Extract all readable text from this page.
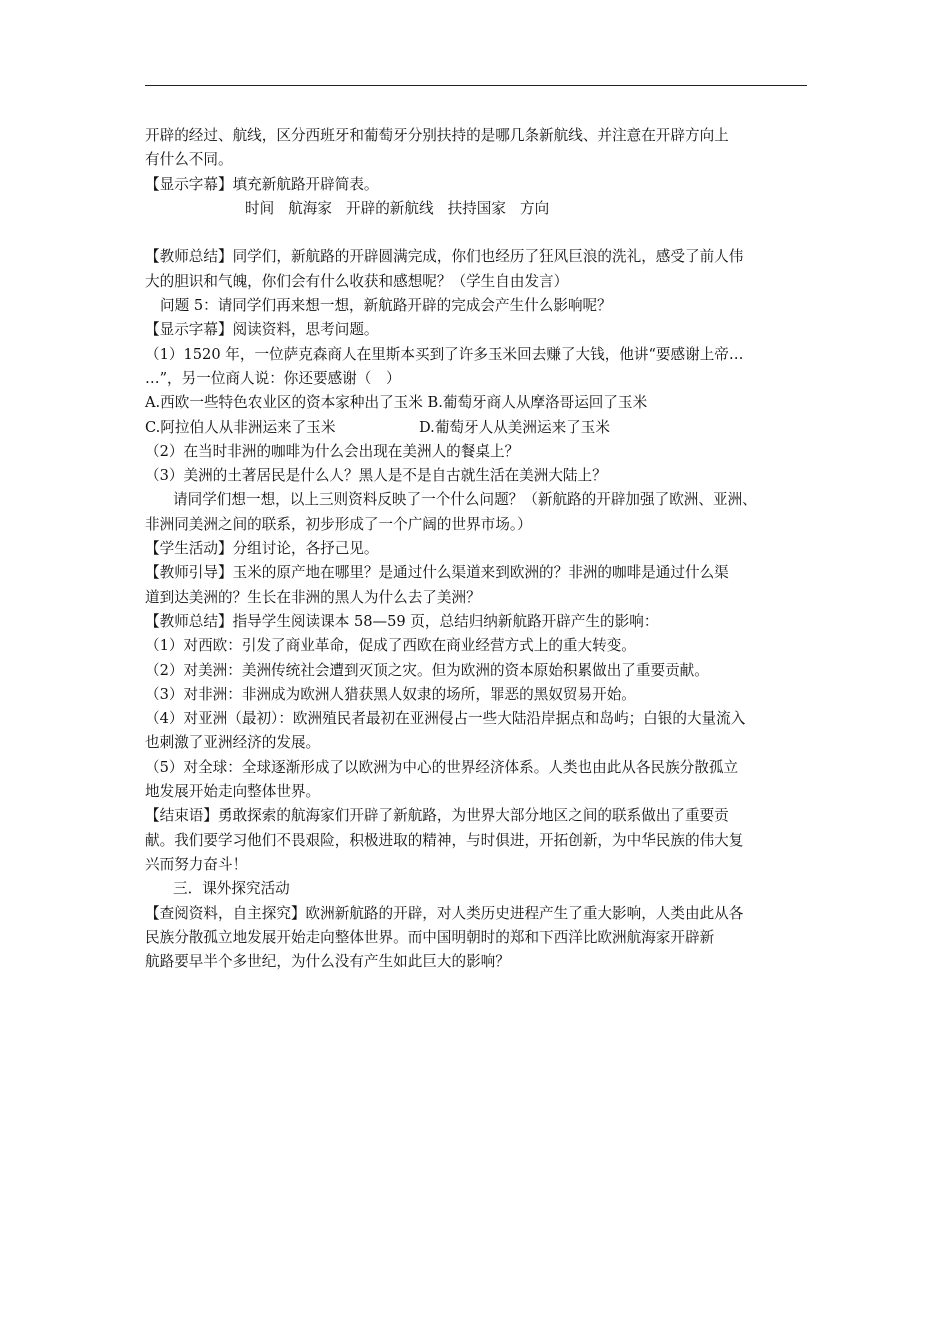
开辟的经过、航线，区分西班牙和葡萄牙分别扶持的是哪几条新航线、并注意在开辟方向上
有什么不同。
【显示字幕】填充新航路开辟简表。
时间 航海家 开辟的新航线 扶持国家 方向
【教师总结】同学们，新航路的开辟圆满完成，你们也经历了狂风巨浪的洗礼，感受了前人伟
大的胆识和气魄，你们会有什么收获和感想呢？（学生自由发言）
问题 5：请同学们再来想一想，新航路开辟的完成会产生什么影响呢？
【显示字幕】阅读资料，思考问题。
（1）1520 年，一位萨克森商人在里斯本买到了许多玉米回去赚了大钱，他讲“要感谢上帝…
…”，另一位商人说：你还要感谢（　）
A.西欧一些特色农业区的资本家种出了玉米 B.葡萄牙商人从摩洛哥运回了玉米
C.阿拉伯人从非洲运来了玉米	D.葡萄牙人从美洲运来了玉米
（2）在当时非洲的咖啡为什么会出现在美洲人的餐桌上？
（3）美洲的土著居民是什么人？黑人是不是自古就生活在美洲大陆上？
请同学们想一想，以上三则资料反映了一个什么问题？（新航路的开辟加强了欧洲、亚洲、
非洲同美洲之间的联系，初步形成了一个广阔的世界市场。）
【学生活动】分组讨论，各抒己见。
【教师引导】玉米的原产地在哪里？是通过什么渠道来到欧洲的？非洲的咖啡是通过什么渠
道到达美洲的？生长在非洲的黑人为什么去了美洲？
【教师总结】指导学生阅读课本 58—59 页，总结归纳新航路开辟产生的影响：
（1）对西欧：引发了商业革命，促成了西欧在商业经营方式上的重大转变。
（2）对美洲：美洲传统社会遭到灭顶之灾。但为欧洲的资本原始积累做出了重要贡献。
（3）对非洲：非洲成为欧洲人猎获黑人奴隶的场所，罪恶的黑奴贸易开始。
（4）对亚洲（最初）：欧洲殖民者最初在亚洲侵占一些大陆沿岸据点和岛屿；白银的大量流入
也刺激了亚洲经济的发展。
（5）对全球：全球逐渐形成了以欧洲为中心的世界经济体系。人类也由此从各民族分散孤立
地发展开始走向整体世界。
【结束语】勇敢探索的航海家们开辟了新航路，为世界大部分地区之间的联系做出了重要贡
献。我们要学习他们不畏艰险，积极进取的精神，与时俱进，开拓创新，为中华民族的伟大复
兴而努力奋斗！
三．课外探究活动
【查阅资料，自主探究】欧洲新航路的开辟，对人类历史进程产生了重大影响，人类由此从各
民族分散孤立地发展开始走向整体世界。而中国明朝时的郑和下西洋比欧洲航海家开辟新
航路要早半个多世纪，为什么没有产生如此巨大的影响？
